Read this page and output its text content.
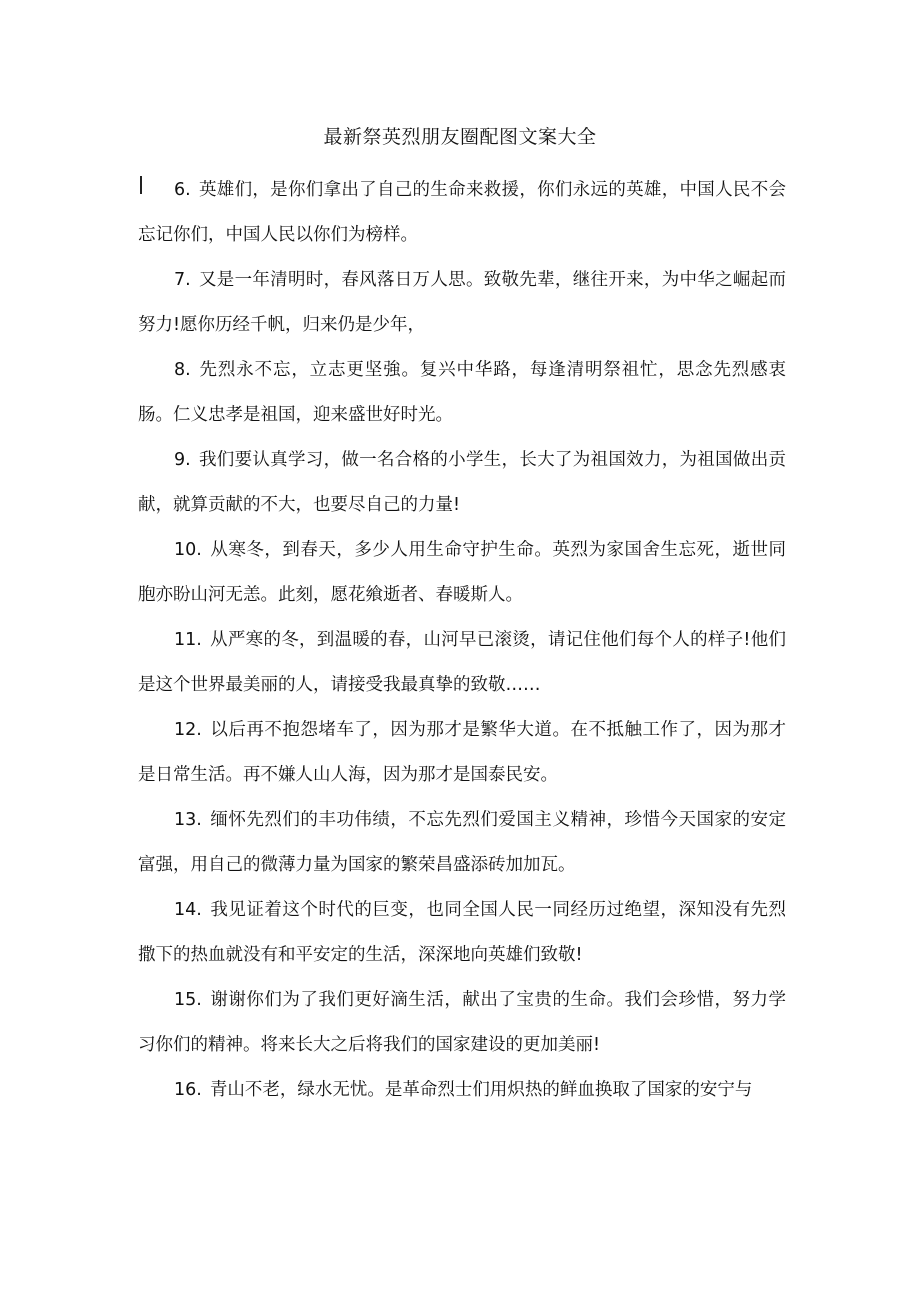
最新祭英烈朋友圈配图文案大全

6. 英雄们，是你们拿出了自己的生命来救援，你们永远的英雄，中国人民不会忘记你们，中国人民以你们为榜样。

7. 又是一年清明时，春风落日万人思。致敬先辈，继往开来，为中华之崛起而努力!愿你历经千帆，归来仍是少年，

8. 先烈永不忘，立志更坚強。复兴中华路，每逢清明祭祖忙，思念先烈感衷肠。仁义忠孝是祖国，迎来盛世好时光。

9. 我们要认真学习，做一名合格的小学生，长大了为祖国效力，为祖国做出贡献，就算贡献的不大，也要尽自己的力量!

10. 从寒冬，到春天，多少人用生命守护生命。英烈为家国舍生忘死，逝世同胞亦盼山河无恙。此刻，愿花飨逝者、春暖斯人。

11. 从严寒的冬，到温暖的春，山河早已滚烫，请记住他们每个人的样子!他们是这个世界最美丽的人，请接受我最真挚的致敬……

12. 以后再不抱怨堵车了，因为那才是繁华大道。在不抵触工作了，因为那才是日常生活。再不嫌人山人海，因为那才是国泰民安。

13. 缅怀先烈们的丰功伟绩，不忘先烈们爱国主义精神，珍惜今天国家的安定富强，用自己的微薄力量为国家的繁荣昌盛添砖加加瓦。

14. 我见证着这个时代的巨变，也同全国人民一同经历过绝望，深知没有先烈撒下的热血就没有和平安定的生活，深深地向英雄们致敬!

15. 谢谢你们为了我们更好滴生活，献出了宝贵的生命。我们会珍惜，努力学习你们的精神。将来长大之后将我们的国家建设的更加美丽!

16. 青山不老，绿水无忧。是革命烈士们用炽热的鲜血换取了国家的安宁与
